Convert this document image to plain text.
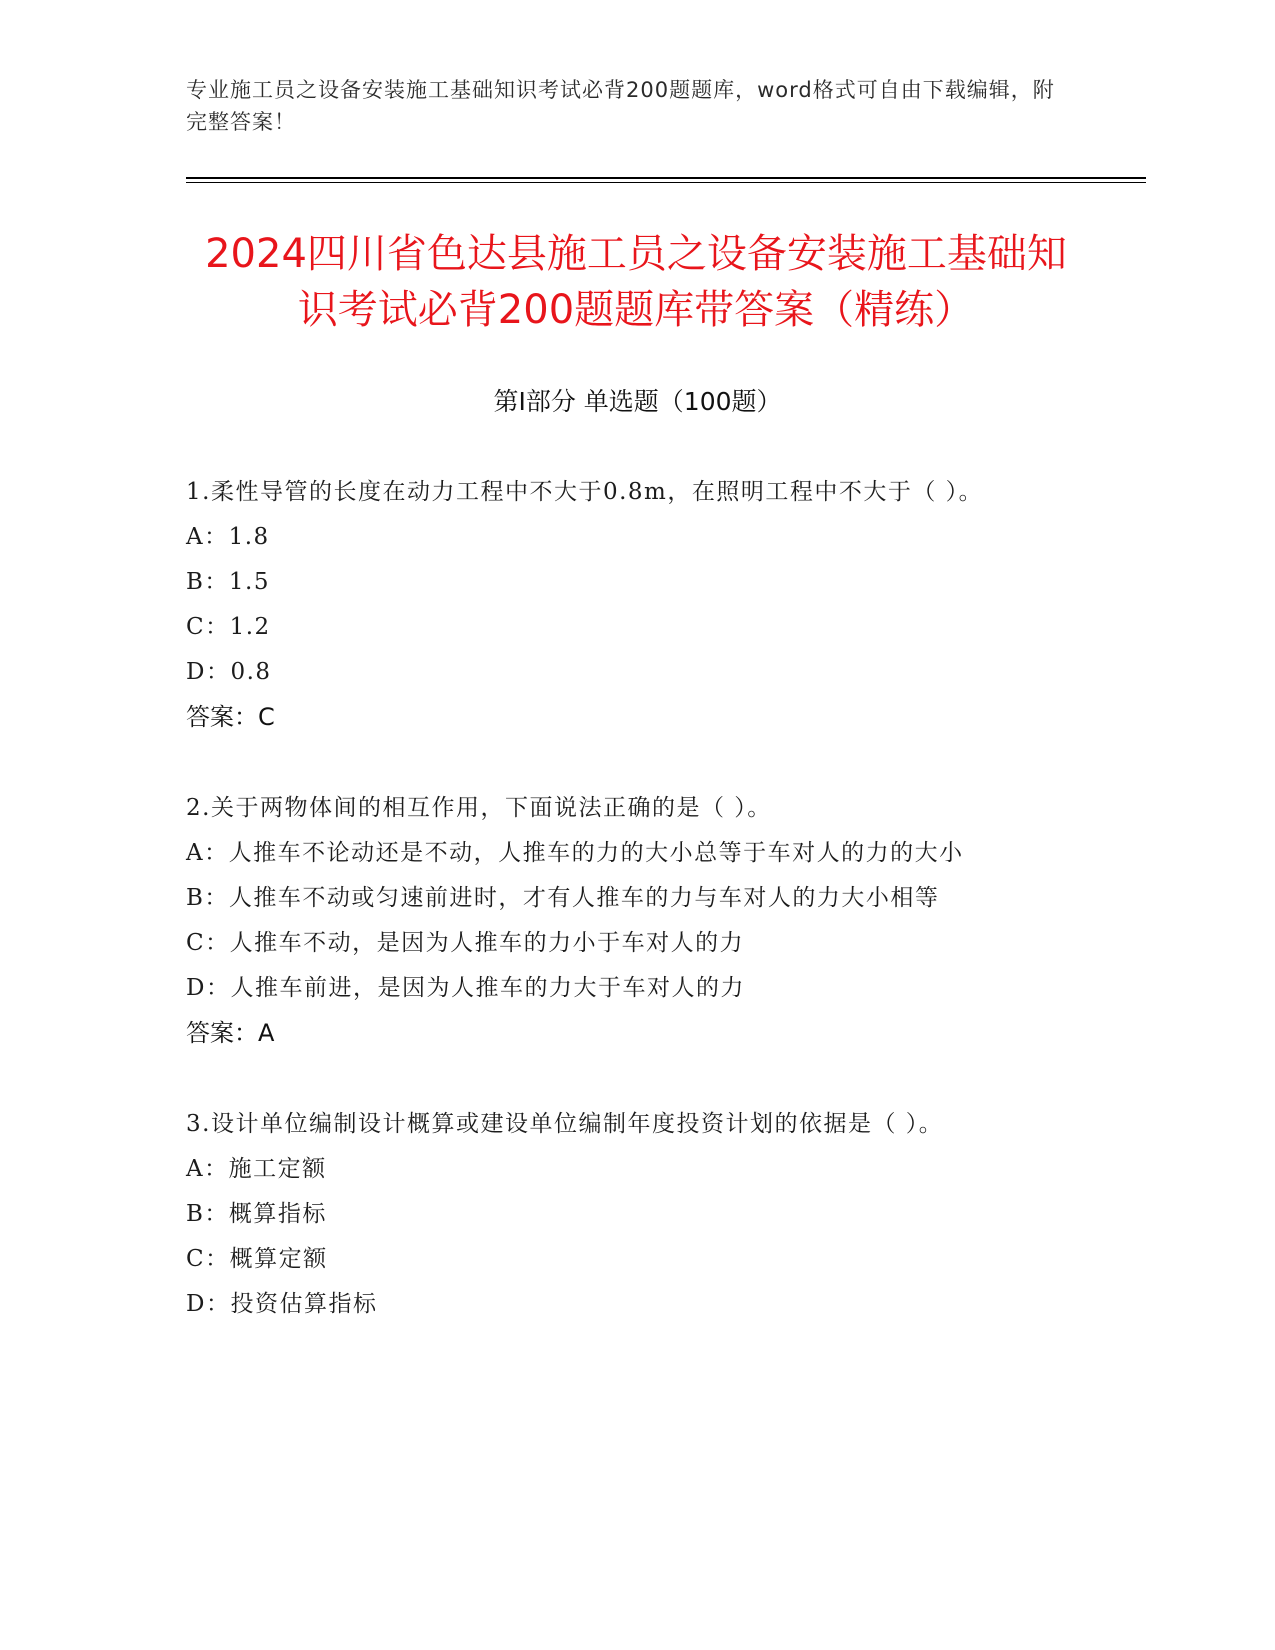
专业施工员之设备安装施工基础知识考试必背200题题库，word格式可自由下载编辑，附完整答案！
2024四川省色达县施工员之设备安装施工基础知识考试必背200题题库带答案（精练）
第I部分 单选题（100题）
1.柔性导管的长度在动力工程中不大于0.8m，在照明工程中不大于（ ）。
A：1.8
B：1.5
C：1.2
D：0.8
答案：C
2.关于两物体间的相互作用，下面说法正确的是（ ）。
A：人推车不论动还是不动，人推车的力的大小总等于车对人的力的大小
B：人推车不动或匀速前进时，才有人推车的力与车对人的力大小相等
C：人推车不动，是因为人推车的力小于车对人的力
D：人推车前进，是因为人推车的力大于车对人的力
答案：A
3.设计单位编制设计概算或建设单位编制年度投资计划的依据是（ ）。
A：施工定额
B：概算指标
C：概算定额
D：投资估算指标
